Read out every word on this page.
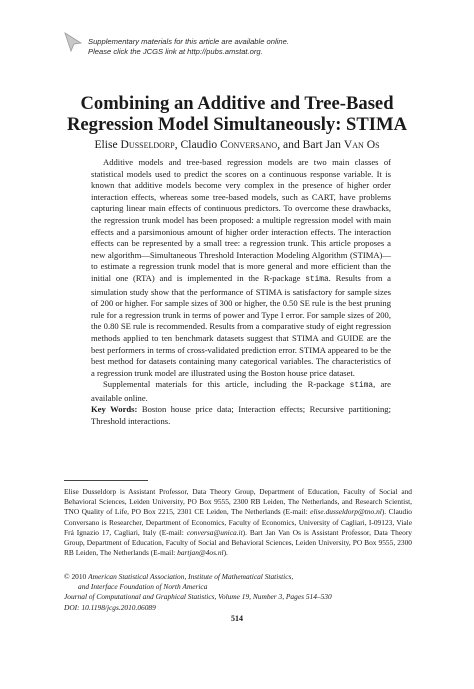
Supplementary materials for this article are available online.
Please click the JCGS link at http://pubs.amstat.org.
Combining an Additive and Tree-Based
Regression Model Simultaneously: STIMA
Elise Dusseldorp, Claudio Conversano, and Bart Jan Van Os

Additive models and tree-based regression models are two main classes of statistical models used to predict the scores on a continuous response variable. It is known that additive models become very complex in the presence of higher order interaction effects, whereas some tree-based models, such as CART, have problems capturing linear main effects of continuous predictors. To overcome these drawbacks, the regression trunk model has been proposed: a multiple regression model with main effects and a parsimonious amount of higher order interaction effects. The interaction effects can be represented by a small tree: a regression trunk. This article proposes a new algorithm—Simultaneous Threshold Interaction Modeling Algorithm (STIMA)—to estimate a regression trunk model that is more general and more efficient than the initial one (RTA) and is implemented in the R-package stima. Results from a simulation study show that the performance of STIMA is satisfactory for sample sizes of 200 or higher. For sample sizes of 300 or higher, the 0.50 SE rule is the best pruning rule for a regression trunk in terms of power and Type I error. For sample sizes of 200, the 0.80 SE rule is recommended. Results from a comparative study of eight regression methods applied to ten benchmark datasets suggest that STIMA and GUIDE are the best performers in terms of cross-validated prediction error. STIMA appeared to be the best method for datasets containing many categorical variables. The characteristics of a regression trunk model are illustrated using the Boston house price dataset.

Supplemental materials for this article, including the R-package stima, are available online.

Key Words: Boston house price data; Interaction effects; Recursive partitioning; Threshold interactions.

Elise Dusseldorp is Assistant Professor, Data Theory Group, Department of Education, Faculty of Social and Behavioral Sciences, Leiden University, PO Box 9555, 2300 RB Leiden, The Netherlands, and Research Scientist, TNO Quality of Life, PO Box 2215, 2301 CE Leiden, The Netherlands (E-mail: elise.dusseldorp@tno.nl). Claudio Conversano is Researcher, Department of Economics, Faculty of Economics, University of Cagliari, I-09123, Viale Frá Ignazio 17, Cagliari, Italy (E-mail: conversa@unica.it). Bart Jan Van Os is Assistant Professor, Data Theory Group, Department of Education, Faculty of Social and Behavioral Sciences, Leiden University, PO Box 9555, 2300 RB Leiden, The Netherlands (E-mail: bartjan@4os.nl).
© 2010 American Statistical Association, Institute of Mathematical Statistics,
and Interface Foundation of North America
Journal of Computational and Graphical Statistics, Volume 19, Number 3, Pages 514–530
DOI: 10.1198/jcgs.2010.06089
514
